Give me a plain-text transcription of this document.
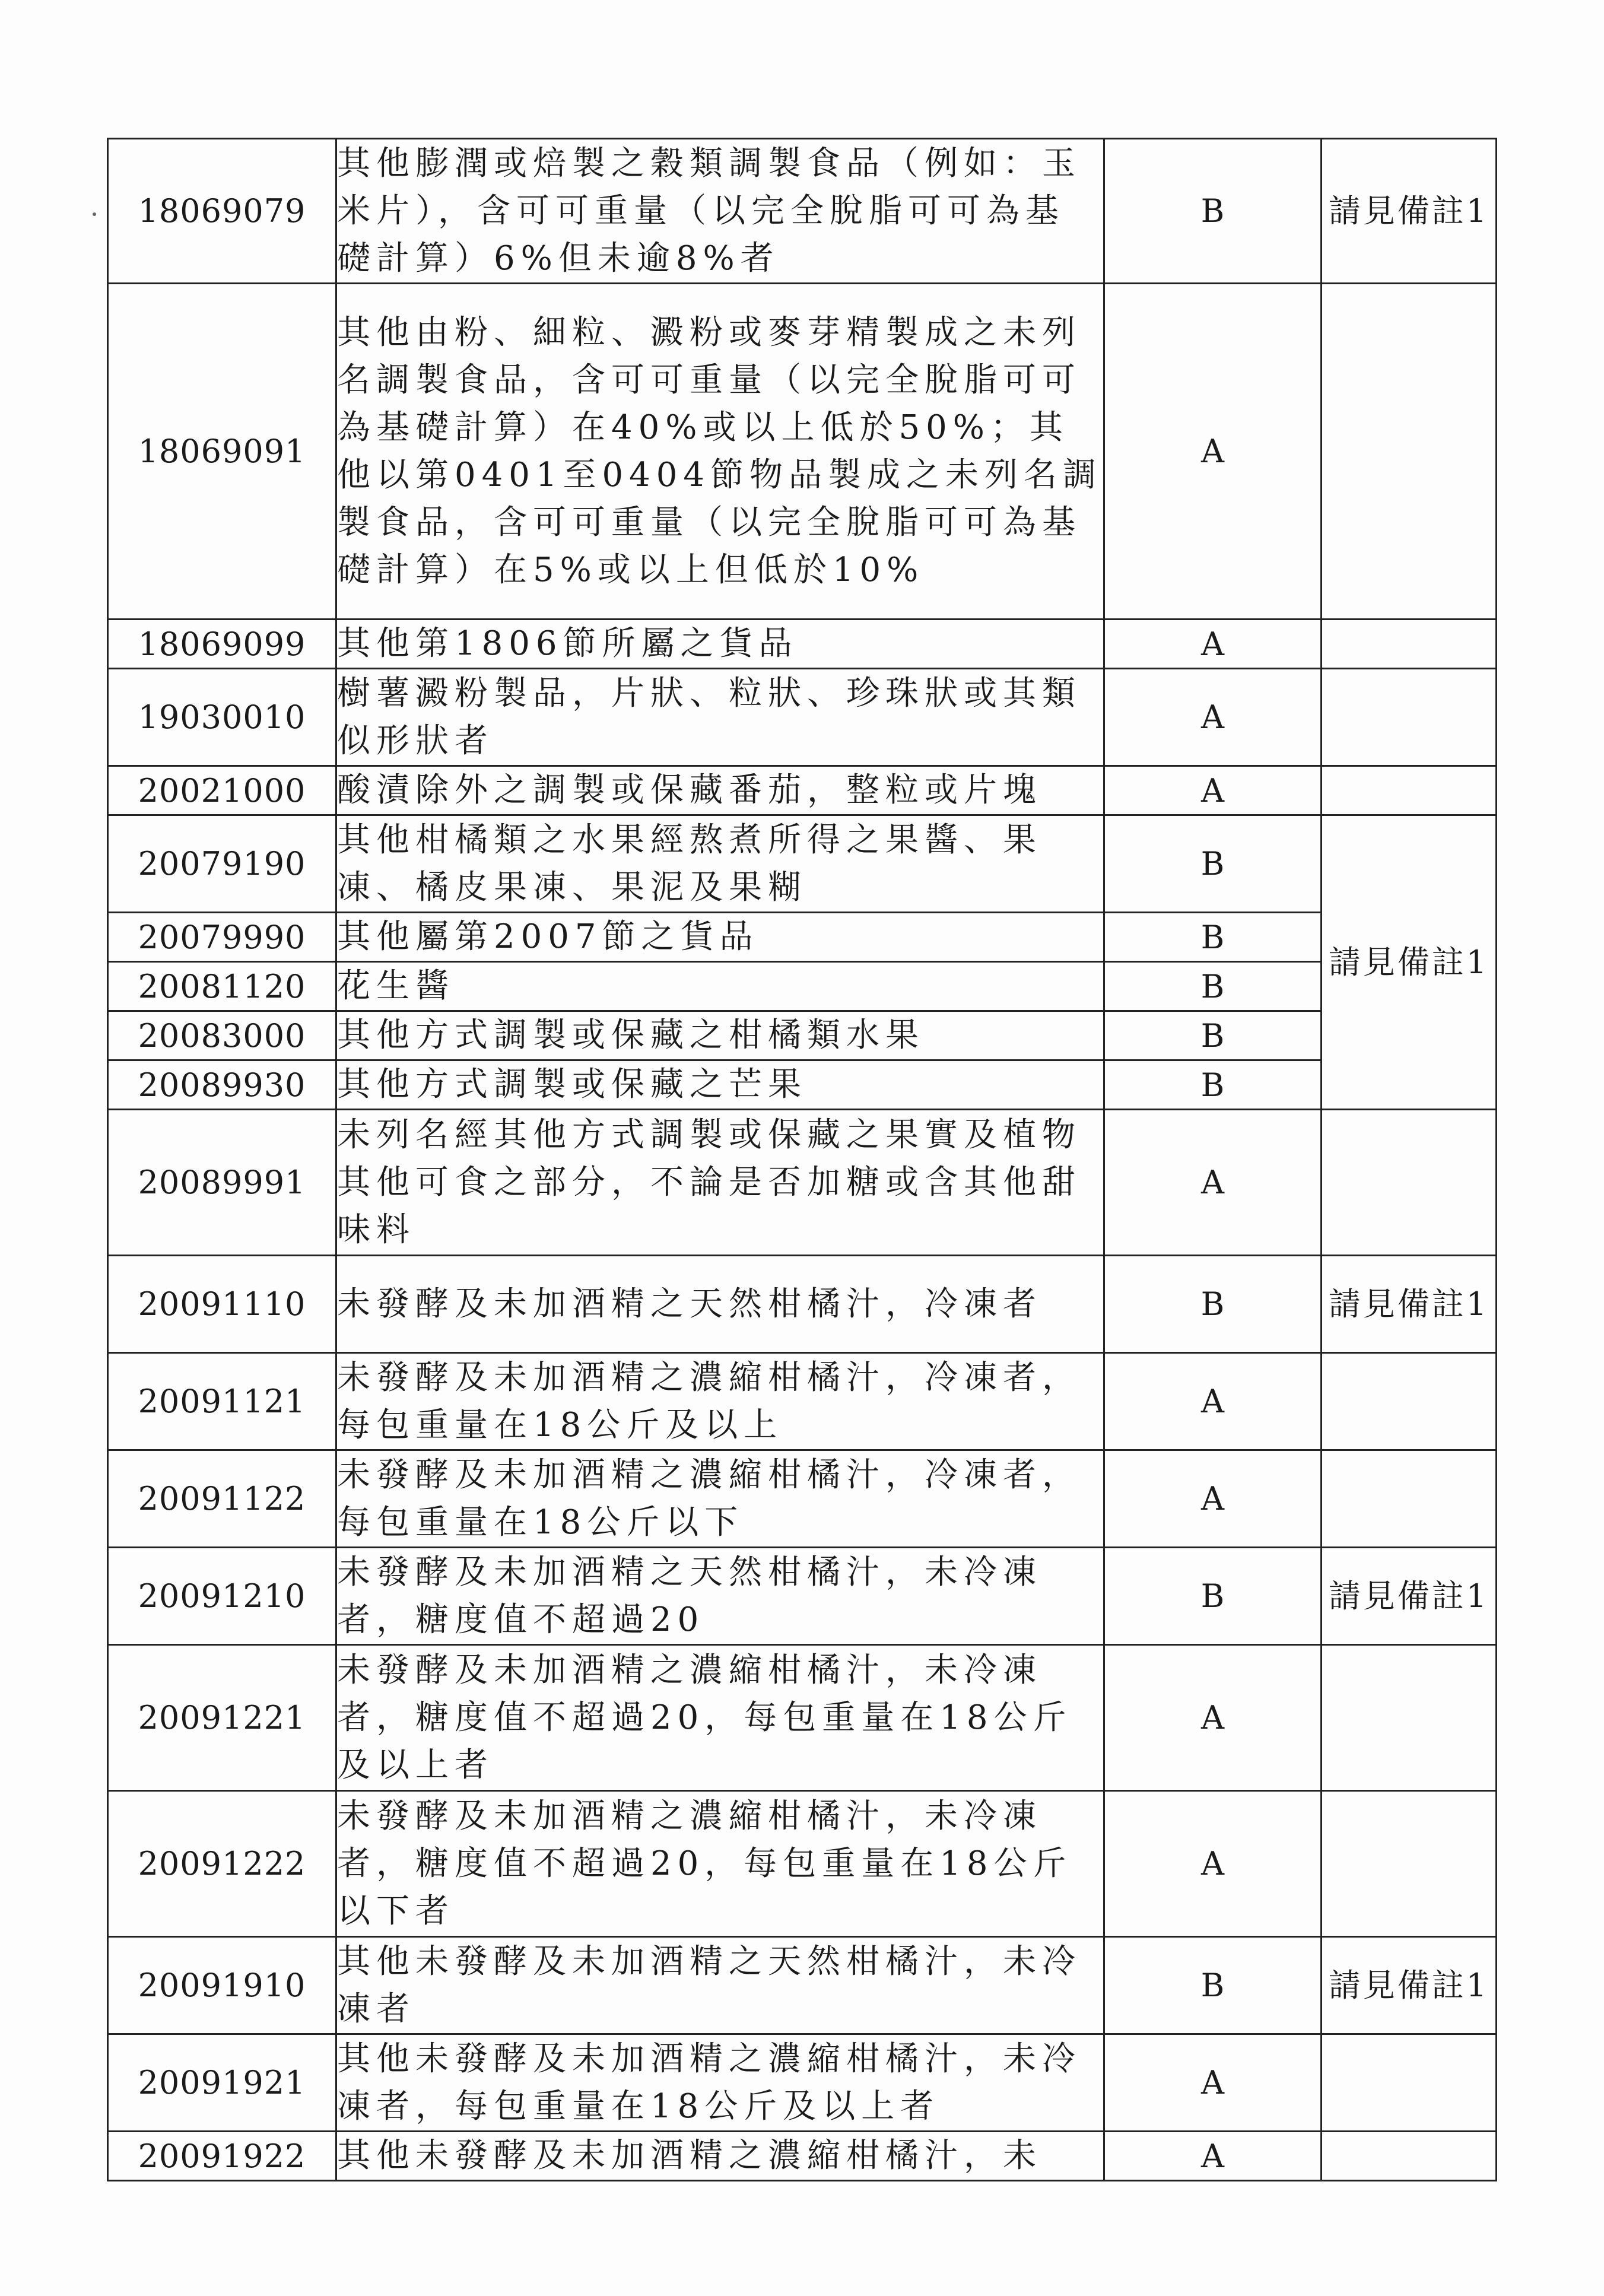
18069079	其他膨潤或焙製之穀類調製食品（例如：玉米片），含可可重量（以完全脫脂可可為基礎計算）6%但未逾8%者	B	請見備註1
18069091	其他由粉、細粒、澱粉或麥芽精製成之未列名調製食品，含可可重量（以完全脫脂可可為基礎計算）在40%或以上低於50%；其他以第0401至0404節物品製成之未列名調製食品，含可可重量（以完全脫脂可可為基礎計算）在5%或以上但低於10%	A	
18069099	其他第1806節所屬之貨品	A	
19030010	樹薯澱粉製品，片狀、粒狀、珍珠狀或其類似形狀者	A	
20021000	酸漬除外之調製或保藏番茄，整粒或片塊	A	
20079190	其他柑橘類之水果經熬煮所得之果醬、果凍、橘皮果凍、果泥及果糊	B	請見備註1
20079990	其他屬第2007節之貨品	B	
20081120	花生醬	B	
20083000	其他方式調製或保藏之柑橘類水果	B	
20089930	其他方式調製或保藏之芒果	B	
20089991	未列名經其他方式調製或保藏之果實及植物其他可食之部分，不論是否加糖或含其他甜味料	A	
20091110	未發酵及未加酒精之天然柑橘汁，冷凍者	B	請見備註1
20091121	未發酵及未加酒精之濃縮柑橘汁，冷凍者，每包重量在18公斤及以上	A	
20091122	未發酵及未加酒精之濃縮柑橘汁，冷凍者，每包重量在18公斤以下	A	
20091210	未發酵及未加酒精之天然柑橘汁，未冷凍者，糖度值不超過20	B	請見備註1
20091221	未發酵及未加酒精之濃縮柑橘汁，未冷凍者，糖度值不超過20，每包重量在18公斤及以上者	A	
20091222	未發酵及未加酒精之濃縮柑橘汁，未冷凍者，糖度值不超過20，每包重量在18公斤以下者	A	
20091910	其他未發酵及未加酒精之天然柑橘汁，未冷凍者	B	請見備註1
20091921	其他未發酵及未加酒精之濃縮柑橘汁，未冷凍者，每包重量在18公斤及以上者	A	
20091922	其他未發酵及未加酒精之濃縮柑橘汁，未	A	
